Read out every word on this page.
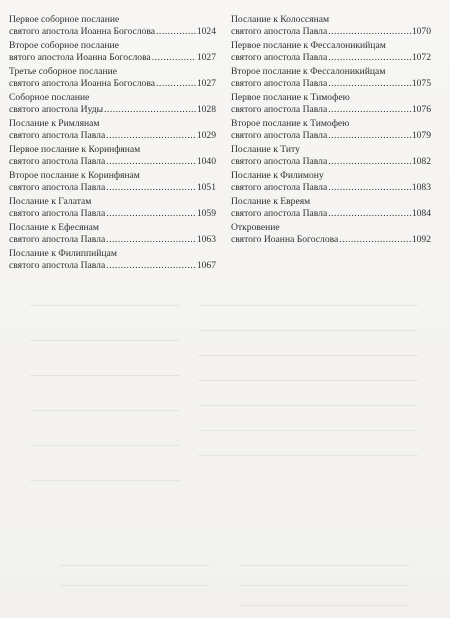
Первое соборное послание
святого апостола Иоанна Богослова .....	1024
Второе соборное послание
вятого апостола Иоанна Богослова .....	1027
Третье соборное послание
святого апостола Иоанна Богослова .....	1027
Соборное послание
святого апостола Иуды .....	1028
Послание к Римлянам
святого апостола Павла .....	1029
Первое послание к Коринфянам
святого апостола Павла .....	1040
Второе послание к Коринфянам
святого апостола Павла .....	1051
Послание к Галатам
святого апостола Павла .....	1059
Послание к Ефесянам
святого апостола Павла .....	1063
Послание к Филиппийцам
святого апостола Павла .....	1067
Послание к Колоссянам
святого апостола Павла .....	1070
Первое послание к Фессалоникийцам
святого апостола Павла .....	1072
Второе послание к Фессалоникийцам
святого апостола Павла .....	1075
Первое послание к Тимофею
святого апостола Павла .....	1076
Второе послание к Тимофею
святого апостола Павла .....	1079
Послание к Титу
святого апостола Павла .....	1082
Послание к Филимону
святого апостола Павла .....	1083
Послание к Евреям
святого апостола Павла .....	1084
Откровение
святого Иоанна Богослова .....	1092
